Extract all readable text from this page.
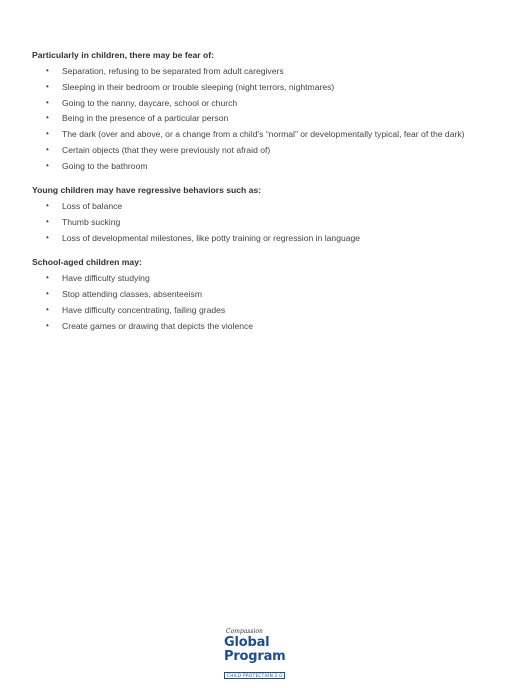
Particularly in children, there may be fear of:
• Separation, refusing to be separated from adult caregivers
• Sleeping in their bedroom or trouble sleeping (night terrors, nightmares)
• Going to the nanny, daycare, school or church
• Being in the presence of a particular person
• The dark (over and above, or a change from a child’s “normal” or developmentally typical, fear of the dark)
• Certain objects (that they were previously not afraid of)
• Going to the bathroom
Young children may have regressive behaviors such as:
• Loss of balance
• Thumb sucking
• Loss of developmental milestones, like potty training or regression in language
School-aged children may:
• Have difficulty studying
• Stop attending classes, absenteeism
• Have difficulty concentrating, failing grades
• Create games or drawing that depicts the violence
Compassion
Global Program
CHILD PROTECTION 2.0
